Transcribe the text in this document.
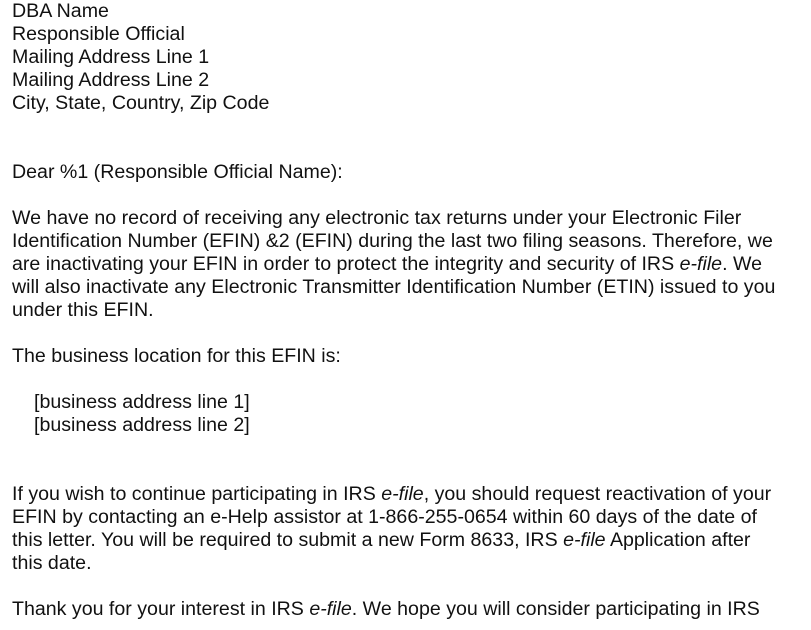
DBA Name
Responsible Official
Mailing Address Line 1
Mailing Address Line 2
City, State, Country, Zip Code
Dear %1 (Responsible Official Name):

We have no record of receiving any electronic tax returns under your Electronic Filer
Identification Number (EFIN) &2 (EFIN) during the last two filing seasons. Therefore, we
are inactivating your EFIN in order to protect the integrity and security of IRS e-file. We
will also inactivate any Electronic Transmitter Identification Number (ETIN) issued to you
under this EFIN.

The business location for this EFIN is:
[business address line 1]
[business address line 2]

If you wish to continue participating in IRS e-file, you should request reactivation of your
EFIN by contacting an e-Help assistor at 1-866-255-0654 within 60 days of the date of
this letter. You will be required to submit a new Form 8633, IRS e-file Application after
this date.

Thank you for your interest in IRS e-file. We hope you will consider participating in IRS
